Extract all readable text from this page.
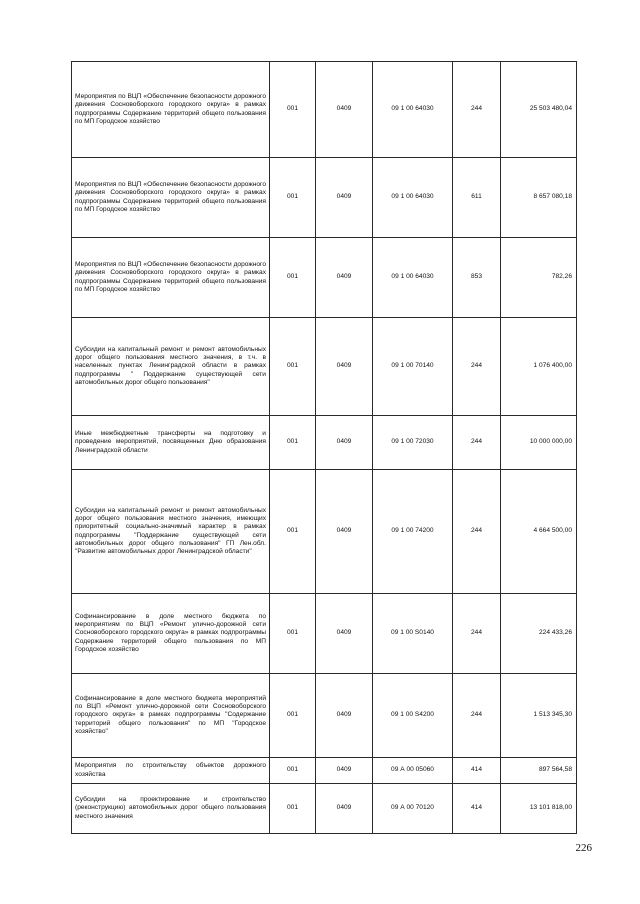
Мероприятия по ВЦП «Обеспечение безопасности дорожного движения Сосновоборского городского округа» в рамках подпрограммы Содержание территорий общего пользования по МП Городское хозяйство	001	0409	09 1 00 64030	244	25 503 480,04
Мероприятия по ВЦП «Обеспечение безопасности дорожного движения Сосновоборского городского округа» в рамках подпрограммы Содержание территорий общего пользования по МП Городское хозяйство	001	0409	09 1 00 64030	611	8 657 080,18
Мероприятия по ВЦП «Обеспечение безопасности дорожного движения Сосновоборского городского округа» в рамках подпрограммы Содержание территорий общего пользования по МП Городское хозяйство	001	0409	09 1 00 64030	853	782,26
Субсидии на капитальный ремонт и ремонт автомобильных дорог общего пользования местного значения, в т.ч. в населенных пунктах Ленинградской области в рамках подпрограммы " Поддержание существующей сети автомобильных дорог общего пользования"	001	0409	09 1 00 70140	244	1 076 400,00
Иные межбюджетные трансферты на подготовку и проведение мероприятий, посвященных Дню образования Ленинградской области	001	0409	09 1 00 72030	244	10 000 000,00
Субсидии на капитальный ремонт и ремонт автомобильных дорог общего пользования местного значения, имеющих приоритетный социально-значимый характер в рамках подпрограммы "Поддержание существующей сети автомобильных дорог общего пользования" ГП Лен.обл. "Развитие автомобильных дорог Ленинградской области"	001	0409	09 1 00 74200	244	4 664 500,00
Софинансирование в доле местного бюджета по мероприятиям по ВЦП «Ремонт улично-дорожной сети Сосновоборского городского округа» в рамках подпрограммы Содержание территорий общего пользования по МП Городское хозяйство	001	0409	09 1 00 S0140	244	224 433,26
Софинансирование в доле местного бюджета мероприятий по ВЦП «Ремонт улично-дорожной сети Сосновоборского городского округа» в рамках подпрограммы "Содержание территорий общего пользования" по МП "Городское хозяйство"	001	0409	09 1 00 S4200	244	1 513 345,30
Мероприятия по строительству объектов дорожного хозяйства	001	0409	09 А 00 05060	414	897 564,58
Субсидии на проектирование и строительство (реконструкцию) автомобильных дорог общего пользования местного значения	001	0409	09 А 00 70120	414	13 101 818,00
226
